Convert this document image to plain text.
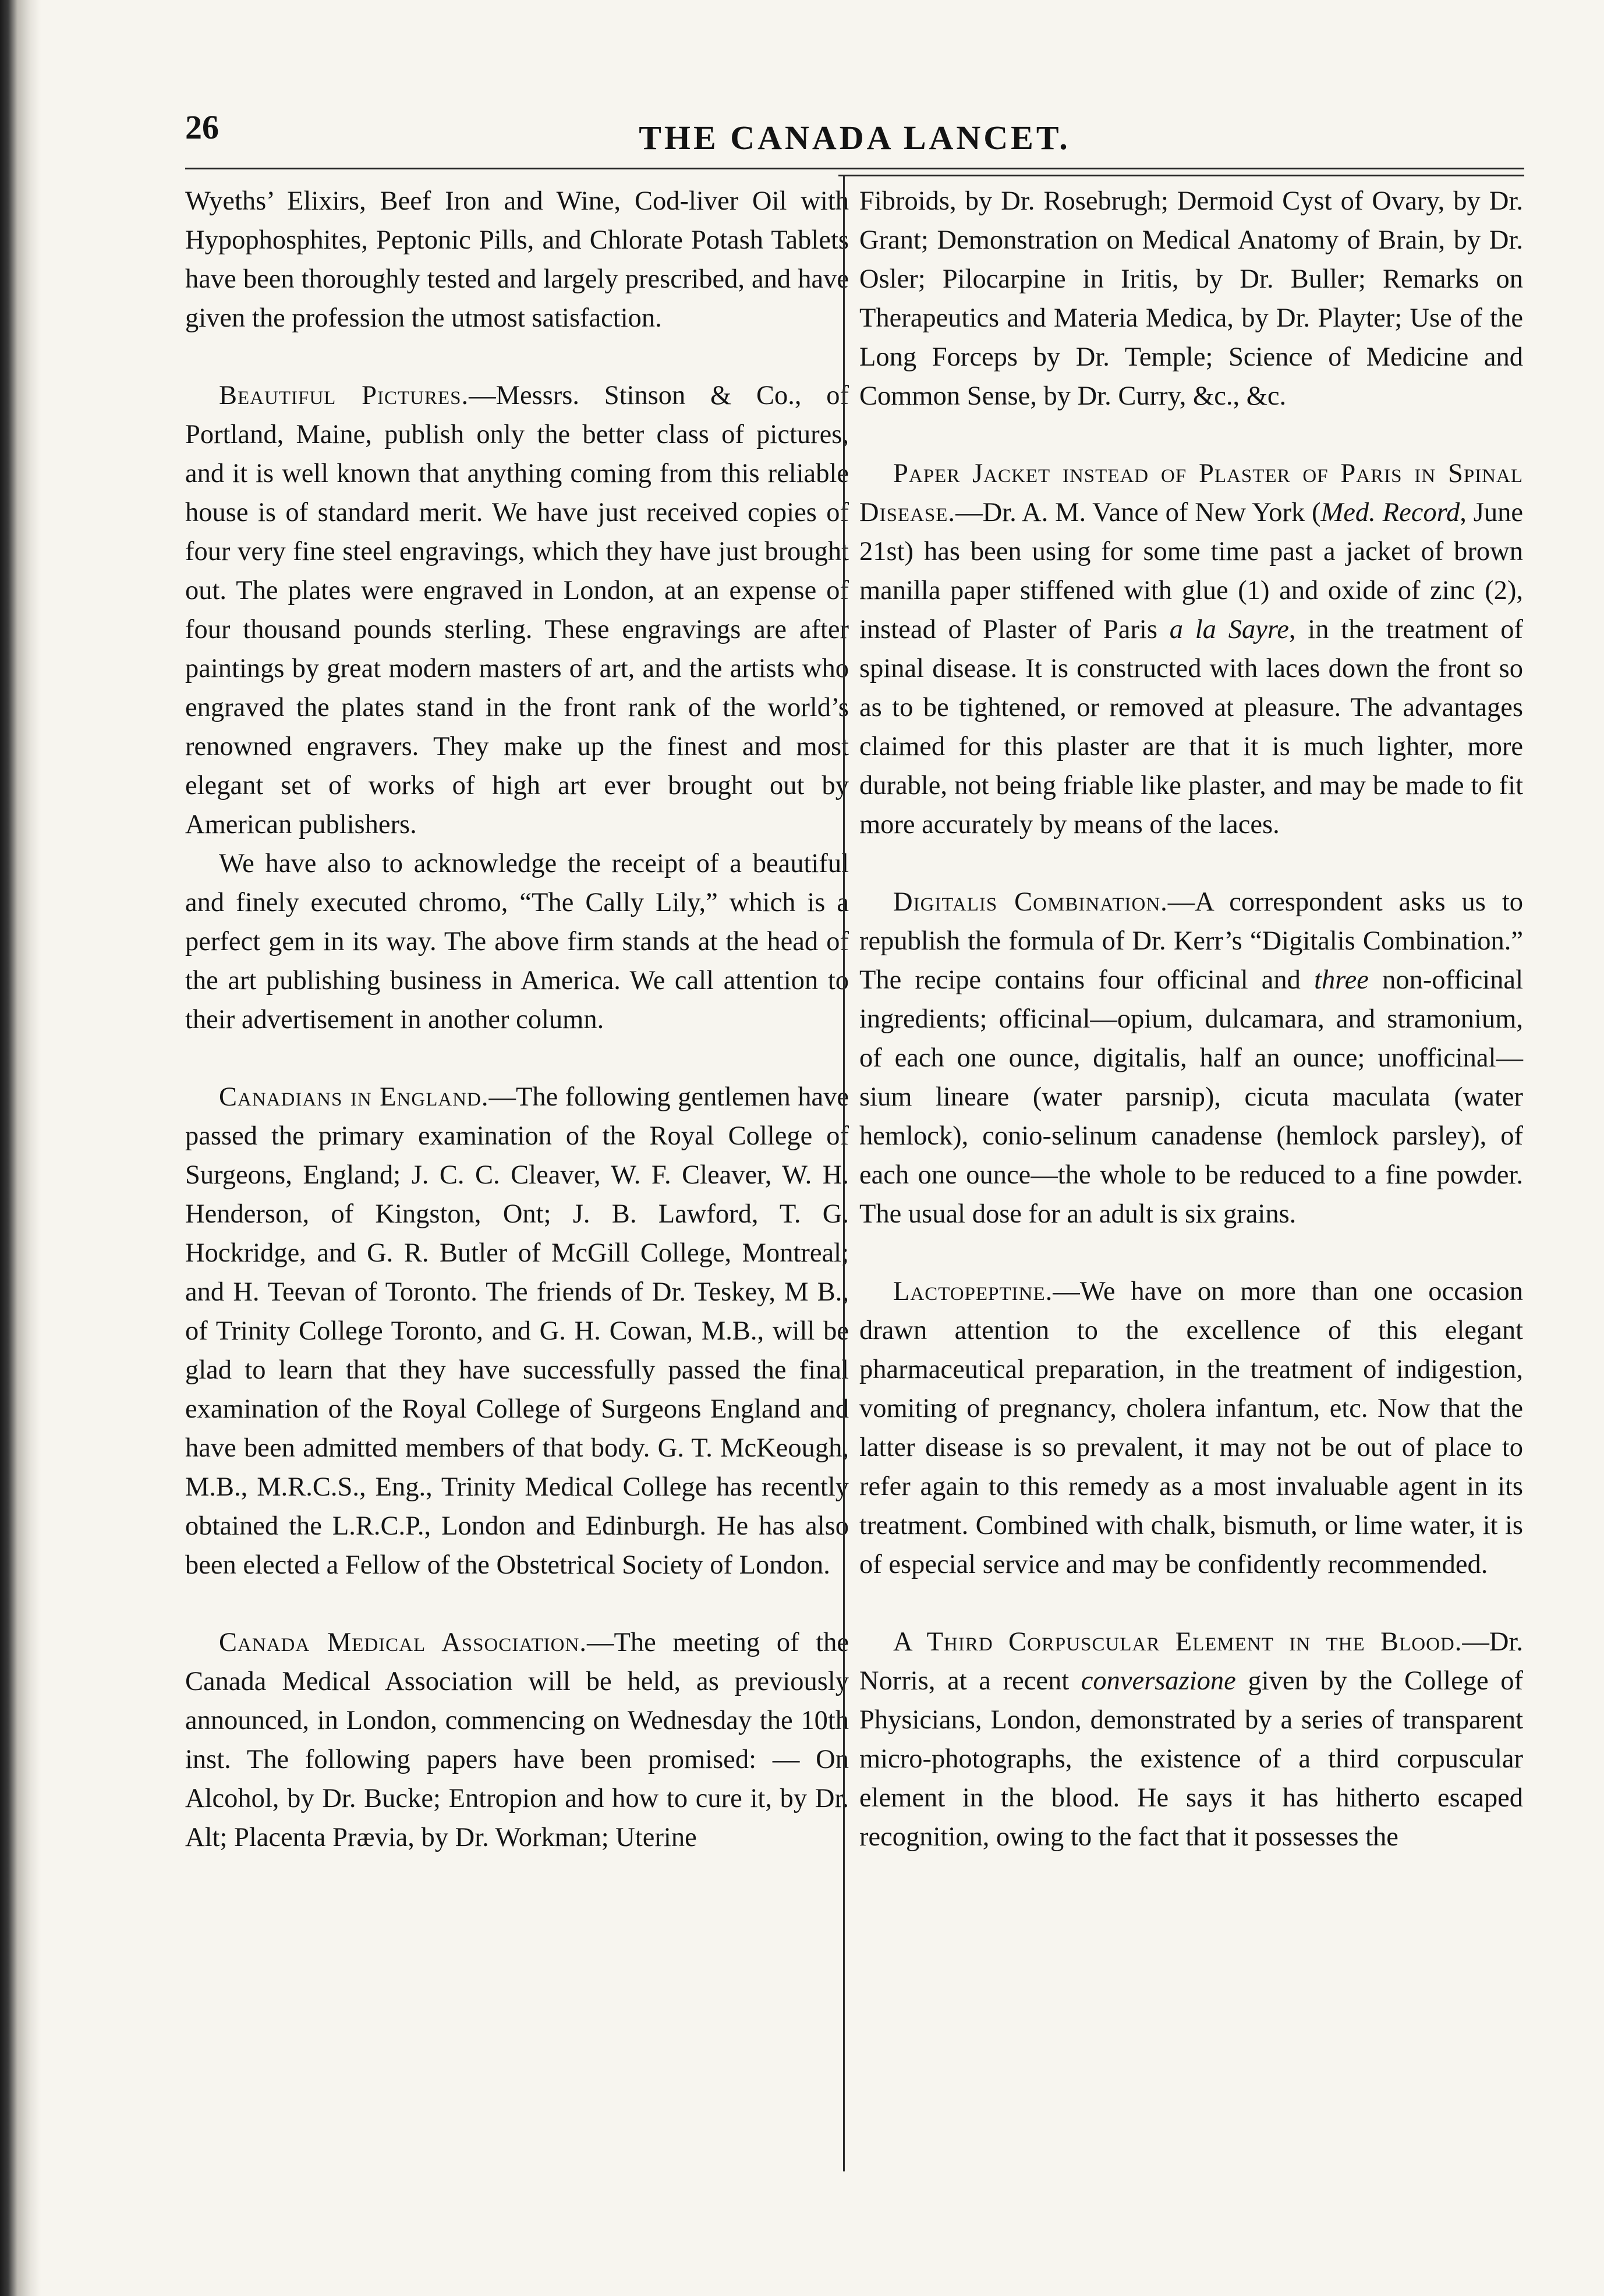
26	THE CANADA LANCET.

Wyeths’ Elixirs, Beef Iron and Wine, Cod-liver Oil with Hypophosphites, Peptonic Pills, and Chlorate Potash Tablets have been thoroughly tested and largely prescribed, and have given the profession the utmost satisfaction.

Beautiful Pictures.—Messrs. Stinson & Co., of Portland, Maine, publish only the better class of pictures, and it is well known that anything coming from this reliable house is of standard merit. We have just received copies of four very fine steel engravings, which they have just brought out. The plates were engraved in London, at an expense of four thousand pounds sterling. These engravings are after paintings by great modern masters of art, and the artists who engraved the plates stand in the front rank of the world’s renowned engravers. They make up the finest and most elegant set of works of high art ever brought out by American publishers.

We have also to acknowledge the receipt of a beautiful and finely executed chromo, “The Cally Lily,” which is a perfect gem in its way. The above firm stands at the head of the art publishing business in America. We call attention to their advertisement in another column.

Canadians in England.—The following gentlemen have passed the primary examination of the Royal College of Surgeons, England; J. C. C. Cleaver, W. F. Cleaver, W. H. Henderson, of Kingston, Ont; J. B. Lawford, T. G. Hockridge, and G. R. Butler of McGill College, Montreal; and H. Teevan of Toronto. The friends of Dr. Teskey, M B., of Trinity College Toronto, and G. H. Cowan, M.B., will be glad to learn that they have successfully passed the final examination of the Royal College of Surgeons England and have been admitted members of that body. G. T. McKeough, M.B., M.R.C.S., Eng., Trinity Medical College has recently obtained the L.R.C.P., London and Edinburgh. He has also been elected a Fellow of the Obstetrical Society of London.

Canada Medical Association.—The meeting of the Canada Medical Association will be held, as previously announced, in London, commencing on Wednesday the 10th inst. The following papers have been promised: — On Alcohol, by Dr. Bucke; Entropion and how to cure it, by Dr. Alt; Placenta Prævia, by Dr. Workman; Uterine

Fibroids, by Dr. Rosebrugh; Dermoid Cyst of Ovary, by Dr. Grant; Demonstration on Medical Anatomy of Brain, by Dr. Osler; Pilocarpine in Iritis, by Dr. Buller; Remarks on Therapeutics and Materia Medica, by Dr. Playter; Use of the Long Forceps by Dr. Temple; Science of Medicine and Common Sense, by Dr. Curry, &c., &c.

Paper Jacket instead of Plaster of Paris in Spinal Disease.—Dr. A. M. Vance of New York (Med. Record, June 21st) has been using for some time past a jacket of brown manilla paper stiffened with glue (1) and oxide of zinc (2), instead of Plaster of Paris a la Sayre, in the treatment of spinal disease. It is constructed with laces down the front so as to be tightened, or removed at pleasure. The advantages claimed for this plaster are that it is much lighter, more durable, not being friable like plaster, and may be made to fit more accurately by means of the laces.

Digitalis Combination.—A correspondent asks us to republish the formula of Dr. Kerr’s “Digitalis Combination.” The recipe contains four officinal and three non-officinal ingredients; officinal—opium, dulcamara, and stramonium, of each one ounce, digitalis, half an ounce; unofficinal—sium lineare (water parsnip), cicuta maculata (water hemlock), conio-selinum canadense (hemlock parsley), of each one ounce—the whole to be reduced to a fine powder. The usual dose for an adult is six grains.

Lactopeptine.—We have on more than one occasion drawn attention to the excellence of this elegant pharmaceutical preparation, in the treatment of indigestion, vomiting of pregnancy, cholera infantum, etc. Now that the latter disease is so prevalent, it may not be out of place to refer again to this remedy as a most invaluable agent in its treatment. Combined with chalk, bismuth, or lime water, it is of especial service and may be confidently recommended.

A Third Corpuscular Element in the Blood.—Dr. Norris, at a recent conversazione given by the College of Physicians, London, demonstrated by a series of transparent micro-photographs, the existence of a third corpuscular element in the blood. He says it has hitherto escaped recognition, owing to the fact that it possesses the
